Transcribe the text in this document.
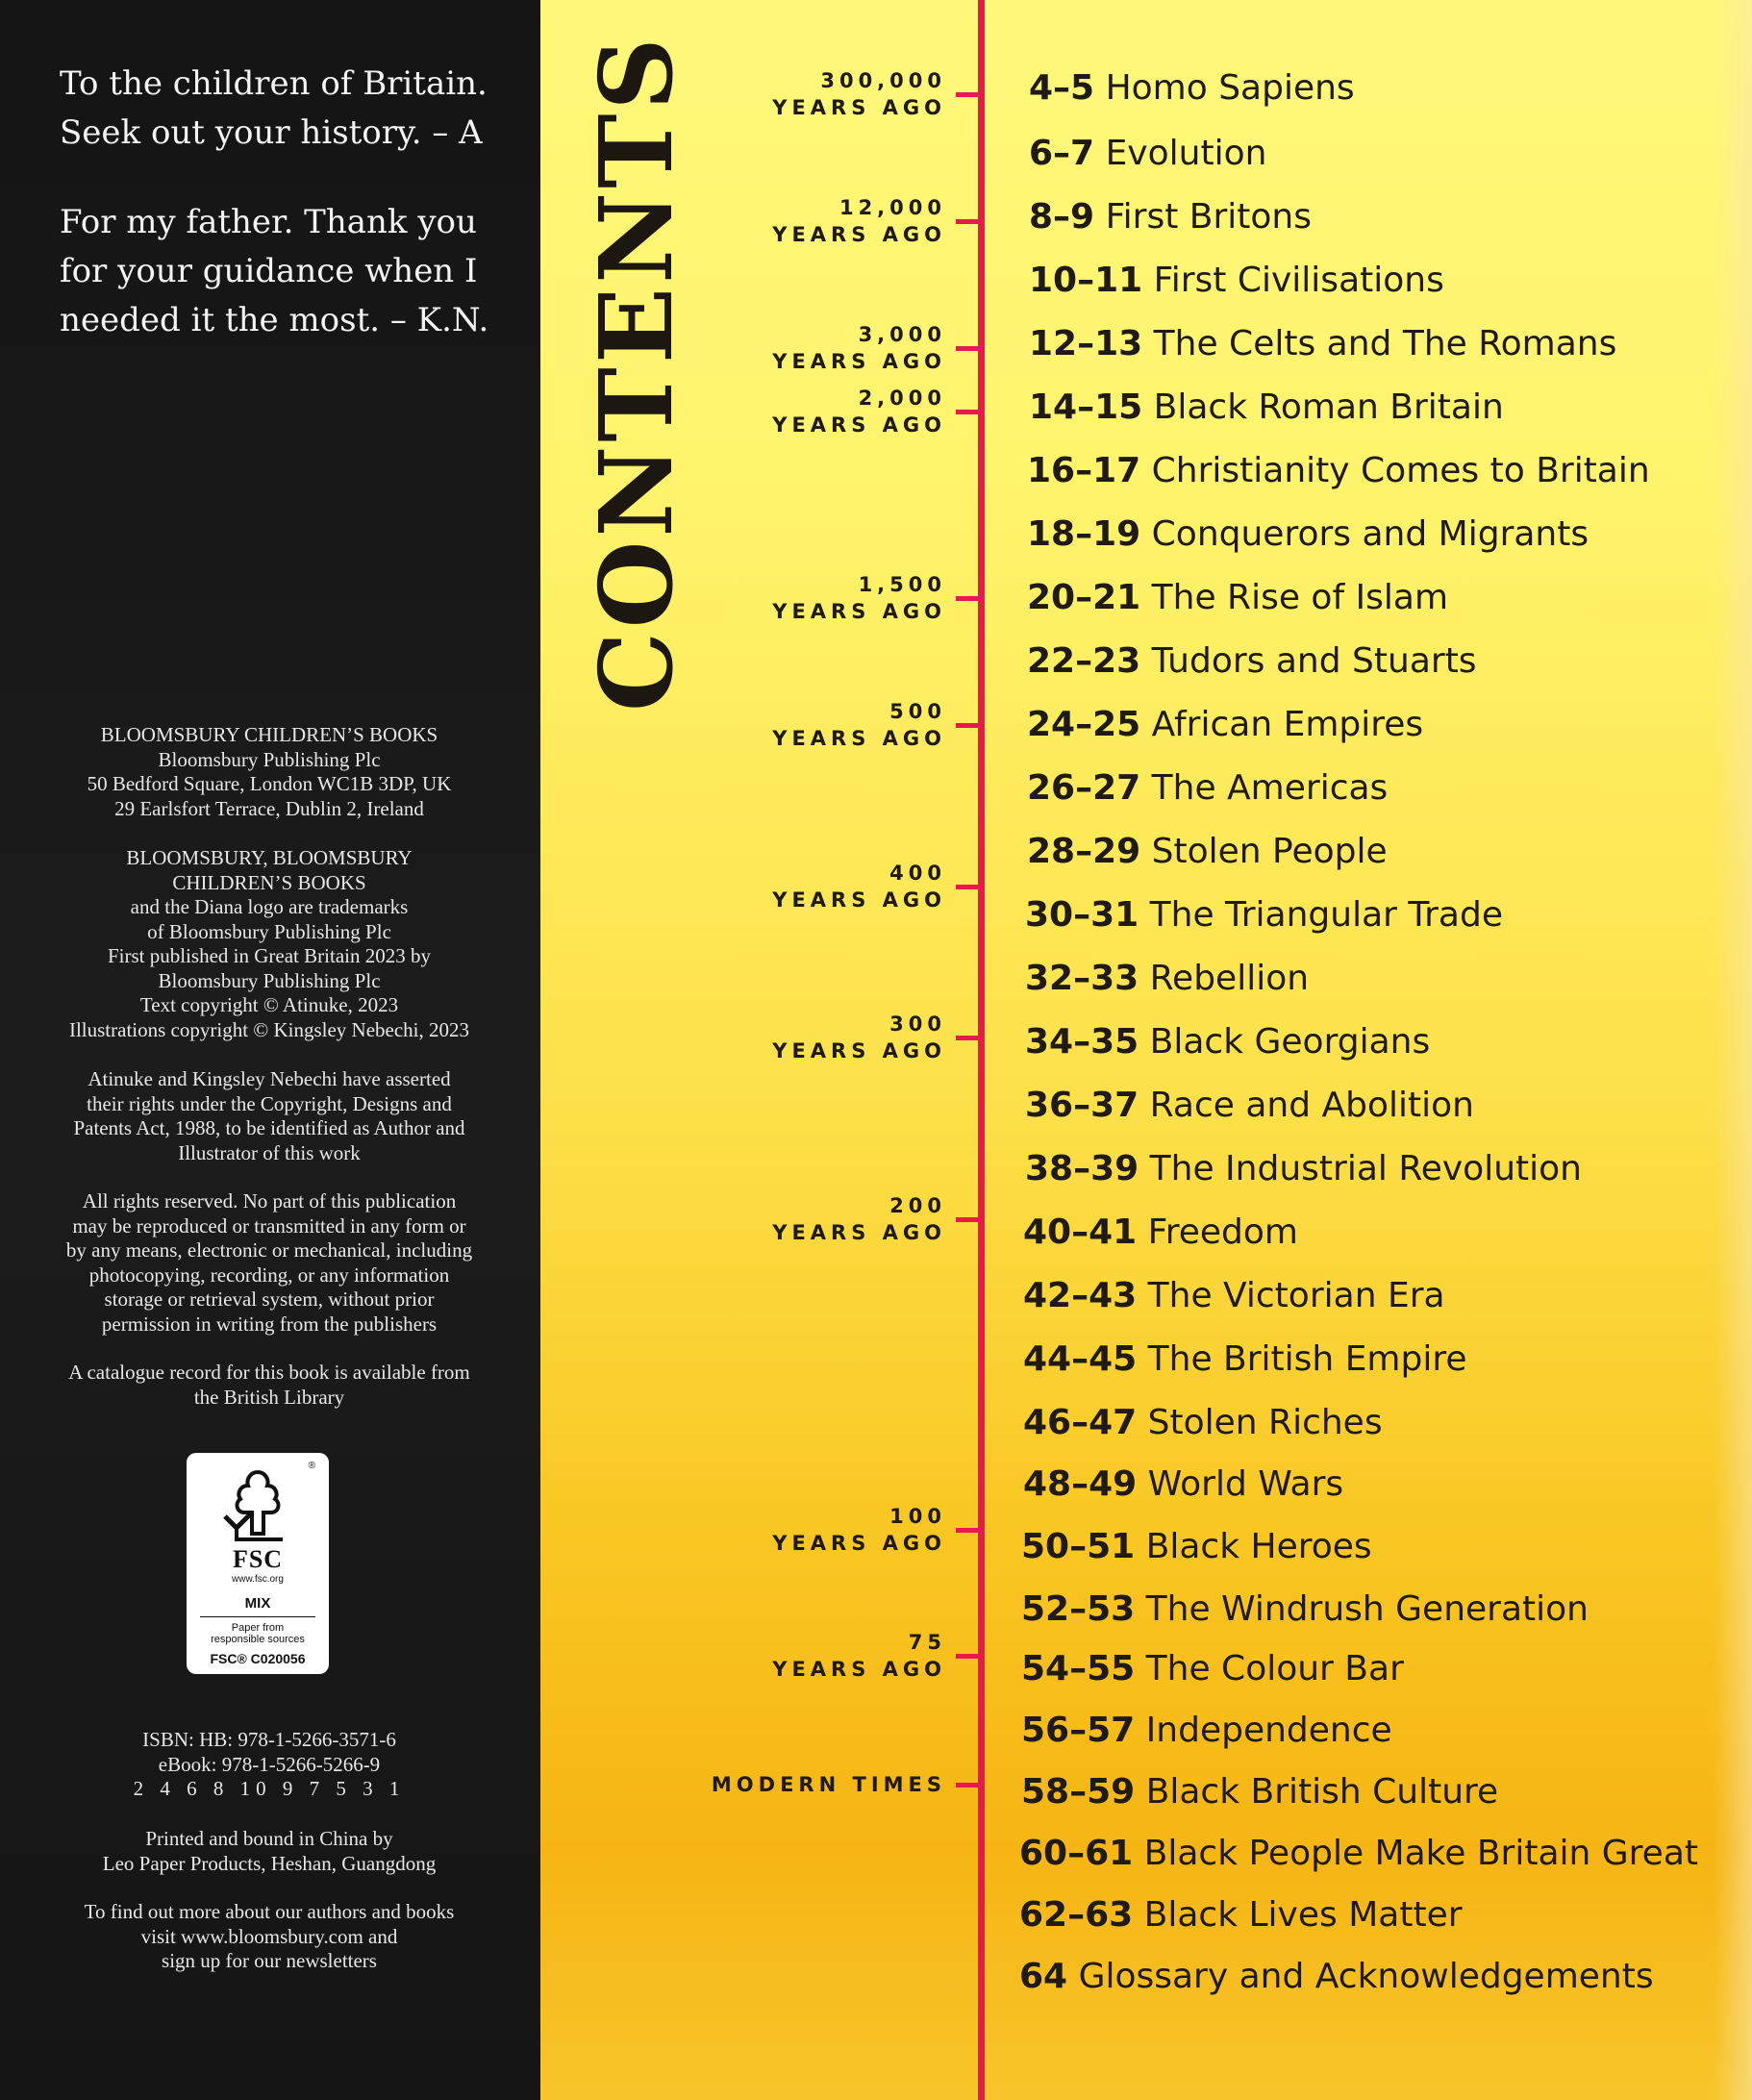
To the children of Britain.
Seek out your history. – A
For my father. Thank you
for your guidance when I
needed it the most. – K.N.
BLOOMSBURY CHILDREN’S BOOKS
Bloomsbury Publishing Plc
50 Bedford Square, London WC1B 3DP, UK
29 Earlsfort Terrace, Dublin 2, Ireland
BLOOMSBURY, BLOOMSBURY
CHILDREN’S BOOKS
and the Diana logo are trademarks
of Bloomsbury Publishing Plc
First published in Great Britain 2023 by
Bloomsbury Publishing Plc
Text copyright © Atinuke, 2023
Illustrations copyright © Kingsley Nebechi, 2023
Atinuke and Kingsley Nebechi have asserted
their rights under the Copyright, Designs and
Patents Act, 1988, to be identified as Author and
Illustrator of this work
All rights reserved. No part of this publication
may be reproduced or transmitted in any form or
by any means, electronic or mechanical, including
photocopying, recording, or any information
storage or retrieval system, without prior
permission in writing from the publishers
A catalogue record for this book is available from
the British Library
®
FSC
www.fsc.org
MIX
Paper from
responsible sources
FSC® C020056
ISBN: HB: 978-1-5266-3571-6
eBook: 978-1-5266-5266-9
2 4 6 8 10 9 7 5 3 1
Printed and bound in China by
Leo Paper Products, Heshan, Guangdong
To find out more about our authors and books
visit www.bloomsbury.com and
sign up for our newsletters
CONTENTS	300,000
YEARS AGO
12,000
YEARS AGO
3,000
YEARS AGO
2,000
YEARS AGO
1,500
YEARS AGO
500
YEARS AGO
400
YEARS AGO
300
YEARS AGO
200
YEARS AGO
100
YEARS AGO
75
YEARS AGO
MODERN TIMES
4–5 Homo Sapiens
6–7 Evolution
8–9 First Britons
10–11 First Civilisations
12–13 The Celts and The Romans
14–15 Black Roman Britain
16–17 Christianity Comes to Britain
18–19 Conquerors and Migrants
20–21 The Rise of Islam
22–23 Tudors and Stuarts
24–25 African Empires
26–27 The Americas
28–29 Stolen People
30–31 The Triangular Trade
32–33 Rebellion
34–35 Black Georgians
36–37 Race and Abolition
38–39 The Industrial Revolution
40–41 Freedom
42–43 The Victorian Era
44–45 The British Empire
46–47 Stolen Riches
48–49 World Wars
50–51 Black Heroes
52–53 The Windrush Generation
54–55 The Colour Bar
56–57 Independence
58–59 Black British Culture
60–61 Black People Make Britain Great
62–63 Black Lives Matter
64 Glossary and Acknowledgements
